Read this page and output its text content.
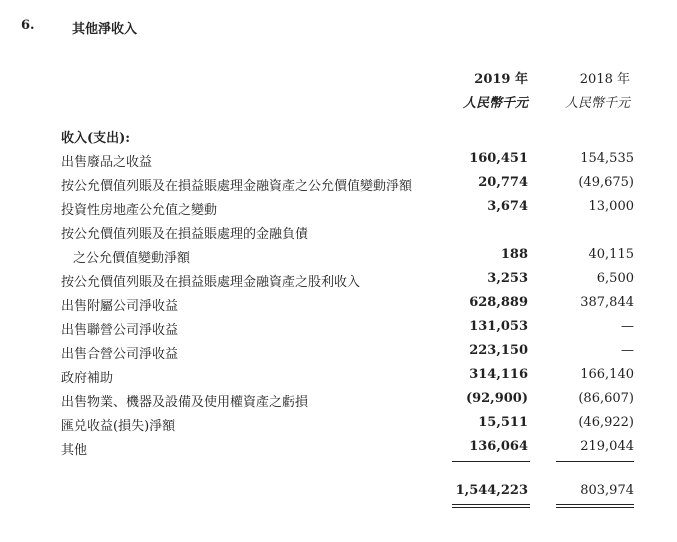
6.	其他淨收入
2019 年	2018 年
人民幣千元	人民幣千元
收入(支出):
出售廢品之收益	160,451	154,535
按公允價值列賬及在損益賬處理金融資產之公允價值變動淨額	20,774	(49,675)
投資性房地產公允值之變動	3,674	13,000
按公允價值列賬及在損益賬處理的金融負債
之公允價值變動淨額	188	40,115
按公允價值列賬及在損益賬處理金融資產之股利收入	3,253	6,500
出售附屬公司淨收益	628,889	387,844
出售聯營公司淨收益	131,053	—
出售合營公司淨收益	223,150	—
政府補助	314,116	166,140
出售物業、機器及設備及使用權資產之虧損	(92,900)	(86,607)
匯兑收益(損失)淨額	15,511	(46,922)
其他	136,064	219,044
1,544,223	803,974
